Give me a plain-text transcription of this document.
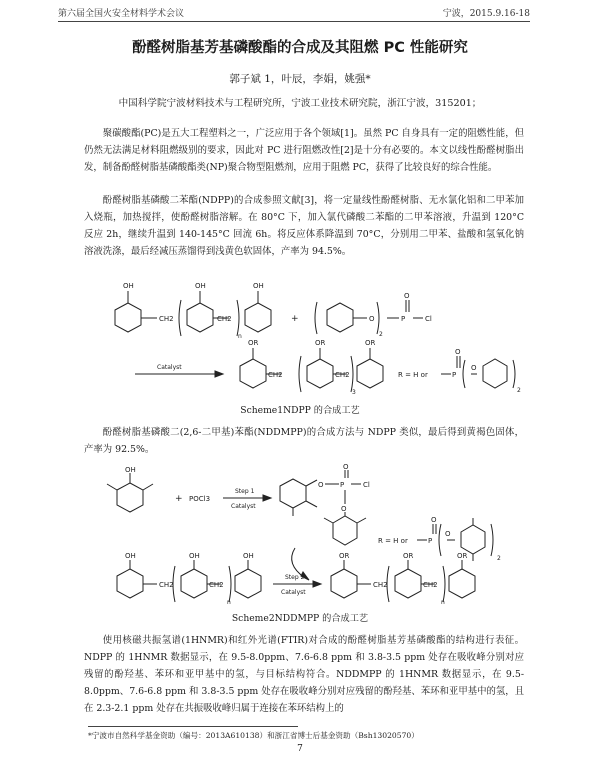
第六届全国火安全材料学术会议	宁波，2015.9.16-18
酚醛树脂基芳基磷酸酯的合成及其阻燃 PC 性能研究
郭子斌 1，叶辰，李娟，姚强*
中国科学院宁波材料技术与工程研究所，宁波工业技术研究院，浙江宁波，315201；

聚碳酸酯(PC)是五大工程塑料之一，广泛应用于各个领域[1]。虽然 PC 自身具有一定的阻燃性能，但仍然无法满足材料阻燃级别的要求，因此对 PC 进行阻燃改性[2]是十分有必要的。本文以线性酚醛树脂出发，制备酚醛树脂基磷酸酯类(NP)聚合物型阻燃剂，应用于阻燃 PC，获得了比较良好的综合性能。

酚醛树脂基磷酸二苯酯(NDPP)的合成参照文献[3]，将一定量线性酚醛树脂、无水氯化铝和二甲苯加入烧瓶，加热搅拌，使酚醛树脂溶解。在 80°C 下，加入氯代磷酸二苯酯的二甲苯溶液，升温到 120°C 反应 2h，继续升温到 140-145°C 回流 6h。将反应体系降温到 70°C，分别用二甲苯、盐酸和氢氧化钠溶液洗涤，最后经减压蒸馏得到浅黄色软固体，产率为 94.5%。

OH	OH	OH
CH2	CH2
n
+	O
2
P
O
Cl
Catalyst
OR	OR	OR
CH2	CH2
3
R = H or	P
O
O
2
Scheme1NDPP 的合成工艺

酚醛树脂基磷酸二(2,6-二甲基)苯酯(NDDMPP)的合成方法与 NDPP 类似，最后得到黄褐色固体，产率为 92.5%。

OH
+ POCl3
Step 1
Catalyst
O P
O
Cl
O
R = H or	P
O
O
2
OH	OH	OH
CH2	CH2
n
Step 2
Catalyst
OR	OR	OR
CH2	CH2
n
Scheme2NDDMPP 的合成工艺

使用核磁共振氢谱(1HNMR)和红外光谱(FTIR)对合成的酚醛树脂基芳基磷酸酯的结构进行表征。NDPP 的 1HNMR 数据显示，在 9.5-8.0ppm、7.6-6.8 ppm 和 3.8-3.5 ppm 处存在吸收峰分别对应残留的酚羟基、苯环和亚甲基中的氢，与目标结构符合。NDDMPP 的 1HNMR 数据显示，在 9.5-8.0ppm、7.6-6.8 ppm 和 3.8-3.5 ppm 处存在吸收峰分别对应残留的酚羟基、苯环和亚甲基中的氢，且在 2.3-2.1 ppm 处存在共振吸收峰归属于连接在苯环结构上的

*宁波市自然科学基金资助（编号：2013A610138）和浙江省博士后基金资助（Bsh13020570）
7
